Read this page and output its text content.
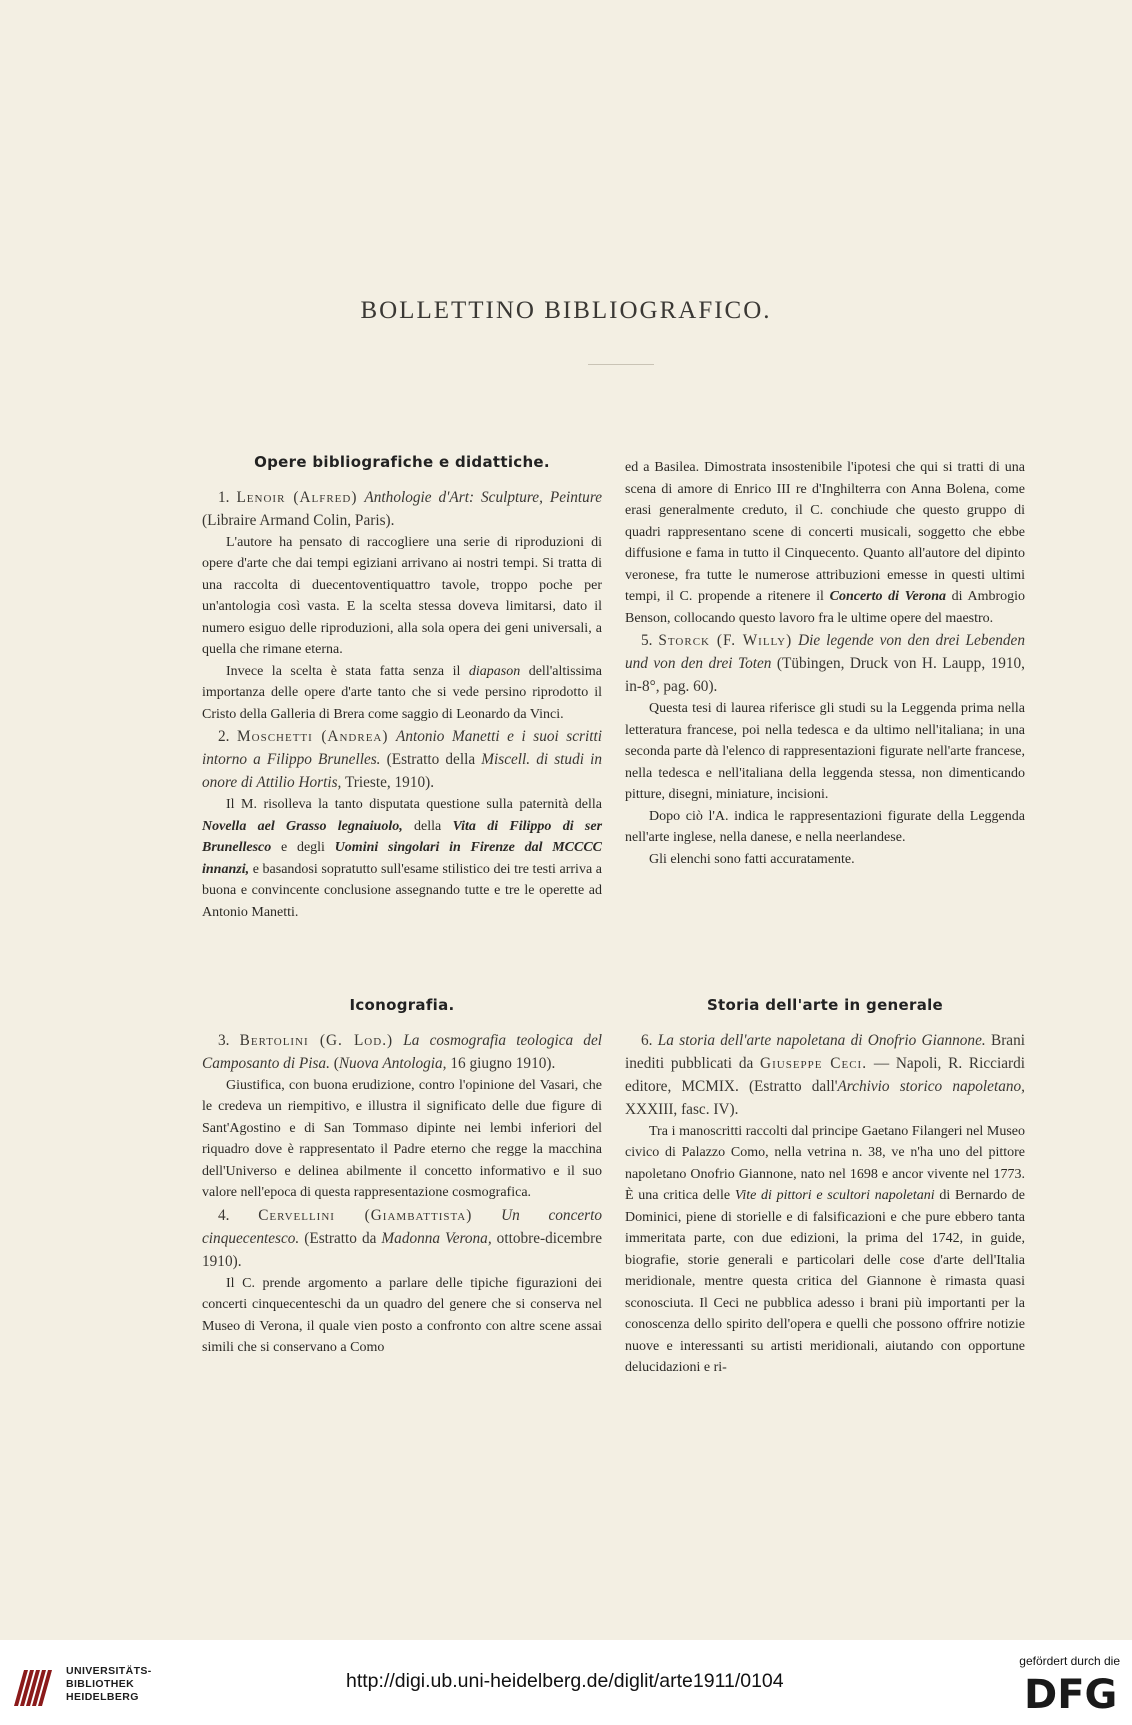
BOLLETTINO BIBLIOGRAFICO.
Opere bibliografiche e didattiche.

1. Lenoir (Alfred) Anthologie d'Art: Sculpture, Peinture (Libraire Armand Colin, Paris).

L'autore ha pensato di raccogliere una serie di riproduzioni di opere d'arte che dai tempi egiziani arrivano ai nostri tempi. Si tratta di una raccolta di duecentoventiquattro tavole, troppo poche per un'antologia così vasta. E la scelta stessa doveva limitarsi, dato il numero esiguo delle riproduzioni, alla sola opera dei geni universali, a quella che rimane eterna.

Invece la scelta è stata fatta senza il diapason dell'altissima importanza delle opere d'arte tanto che si vede persino riprodotto il Cristo della Galleria di Brera come saggio di Leonardo da Vinci.

2. Moschetti (Andrea) Antonio Manetti e i suoi scritti intorno a Filippo Brunelles. (Estratto della Miscell. di studi in onore di Attilio Hortis, Trieste, 1910).

Il M. risolleva la tanto disputata questione sulla paternità della Novella ael Grasso legnaiuolo, della Vita di Filippo di ser Brunellesco e degli Uomini singolari in Firenze dal MCCCC innanzi, e basandosi sopratutto sull'esame stilistico dei tre testi arriva a buona e convincente conclusione assegnando tutte e tre le operette ad Antonio Manetti.

ed a Basilea. Dimostrata insostenibile l'ipotesi che qui si tratti di una scena di amore di Enrico III re d'Inghilterra con Anna Bolena, come erasi generalmente creduto, il C. conchiude che questo gruppo di quadri rappresentano scene di concerti musicali, soggetto che ebbe diffusione e fama in tutto il Cinquecento. Quanto all'autore del dipinto veronese, fra tutte le numerose attribuzioni emesse in questi ultimi tempi, il C. propende a ritenere il Concerto di Verona di Ambrogio Benson, collocando questo lavoro fra le ultime opere del maestro.

5. Storck (F. Willy) Die legende von den drei Lebenden und von den drei Toten (Tübingen, Druck von H. Laupp, 1910, in-8°, pag. 60).

Questa tesi di laurea riferisce gli studi su la Leggenda prima nella letteratura francese, poi nella tedesca e da ultimo nell'italiana; in una seconda parte dà l'elenco di rappresentazioni figurate nell'arte francese, nella tedesca e nell'italiana della leggenda stessa, non dimenticando pitture, disegni, miniature, incisioni.

Dopo ciò l'A. indica le rappresentazioni figurate della Leggenda nell'arte inglese, nella danese, e nella neerlandese.

Gli elenchi sono fatti accuratamente.

Iconografia.

3. Bertolini (G. Lod.) La cosmografia teologica del Camposanto di Pisa. (Nuova Antologia, 16 giugno 1910).

Giustifica, con buona erudizione, contro l'opinione del Vasari, che le credeva un riempitivo, e illustra il significato delle due figure di Sant'Agostino e di San Tommaso dipinte nei lembi inferiori del riquadro dove è rappresentato il Padre eterno che regge la macchina dell'Universo e delinea abilmente il concetto informativo e il suo valore nell'epoca di questa rappresentazione cosmografica.

4. Cervellini (Giambattista) Un concerto cinquecentesco. (Estratto da Madonna Verona, ottobre-dicembre 1910).

Il C. prende argomento a parlare delle tipiche figurazioni dei concerti cinquecenteschi da un quadro del genere che si conserva nel Museo di Verona, il quale vien posto a confronto con altre scene assai simili che si conservano a Como

Storia dell'arte in generale

6. La storia dell'arte napoletana di Onofrio Giannone. Brani inediti pubblicati da Giuseppe Ceci. — Napoli, R. Ricciardi editore, MCMIX. (Estratto dall'Archivio storico napoletano, XXXIII, fasc. IV).

Tra i manoscritti raccolti dal principe Gaetano Filangeri nel Museo civico di Palazzo Como, nella vetrina n. 38, ve n'ha uno del pittore napoletano Onofrio Giannone, nato nel 1698 e ancor vivente nel 1773. È una critica delle Vite di pittori e scultori napoletani di Bernardo de Dominici, piene di storielle e di falsificazioni e che pure ebbero tanta immeritata parte, con due edizioni, la prima del 1742, in guide, biografie, storie generali e particolari delle cose d'arte dell'Italia meridionale, mentre questa critica del Giannone è rimasta quasi sconosciuta. Il Ceci ne pubblica adesso i brani più importanti per la conoscenza dello spirito dell'opera e quelli che possono offrire notizie nuove e interessanti su artisti meridionali, aiutando con opportune delucidazioni e ri-

UNIVERSITÄTS-
BIBLIOTHEK
HEIDELBERG
http://digi.ub.uni-heidelberg.de/diglit/arte1911/0104
gefördert durch die
DFG
